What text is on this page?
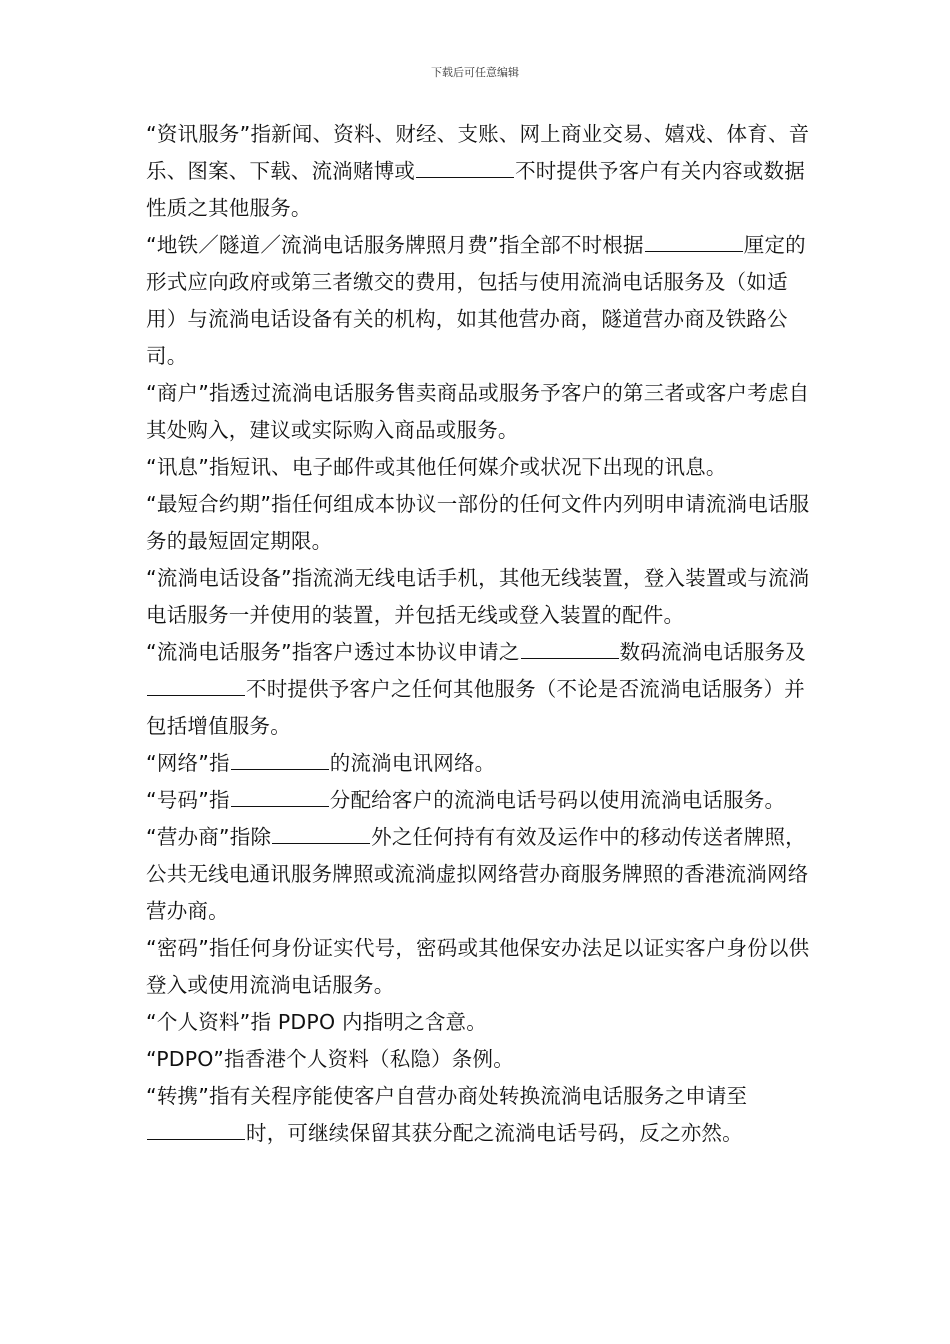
下载后可任意编辑

“资讯服务”指新闻、资料、财经、支账、网上商业交易、嬉戏、体育、音乐、图案、下载、流淌赌博或	不时提供予客户有关内容或数据性质之其他服务。

“地铁／隧道／流淌电话服务牌照月费”指全部不时根据	厘定的形式应向政府或第三者缴交的费用，包括与使用流淌电话服务及（如适用）与流淌电话设备有关的机构，如其他营办商，隧道营办商及铁路公司。

“商户”指透过流淌电话服务售卖商品或服务予客户的第三者或客户考虑自其处购入，建议或实际购入商品或服务。

“讯息”指短讯、电子邮件或其他任何媒介或状况下出现的讯息。

“最短合约期”指任何组成本协议一部份的任何文件内列明申请流淌电话服务的最短固定期限。

“流淌电话设备”指流淌无线电话手机，其他无线装置，登入装置或与流淌电话服务一并使用的装置，并包括无线或登入装置的配件。

“流淌电话服务”指客户透过本协议申请之	数码流淌电话服务及不时提供予客户之任何其他服务（不论是否流淌电话服务）并包括增值服务。

“网络”指	的流淌电讯网络。

“号码”指	分配给客户的流淌电话号码以使用流淌电话服务。

“营办商”指除	外之任何持有有效及运作中的移动传送者牌照，公共无线电通讯服务牌照或流淌虚拟网络营办商服务牌照的香港流淌网络营办商。

“密码”指任何身份证实代号，密码或其他保安办法足以证实客户身份以供登入或使用流淌电话服务。

“个人资料”指 PDPO 内指明之含意。

“PDPO”指香港个人资料（私隐）条例。

“转携”指有关程序能使客户自营办商处转换流淌电话服务之申请至时，可继续保留其获分配之流淌电话号码，反之亦然。
